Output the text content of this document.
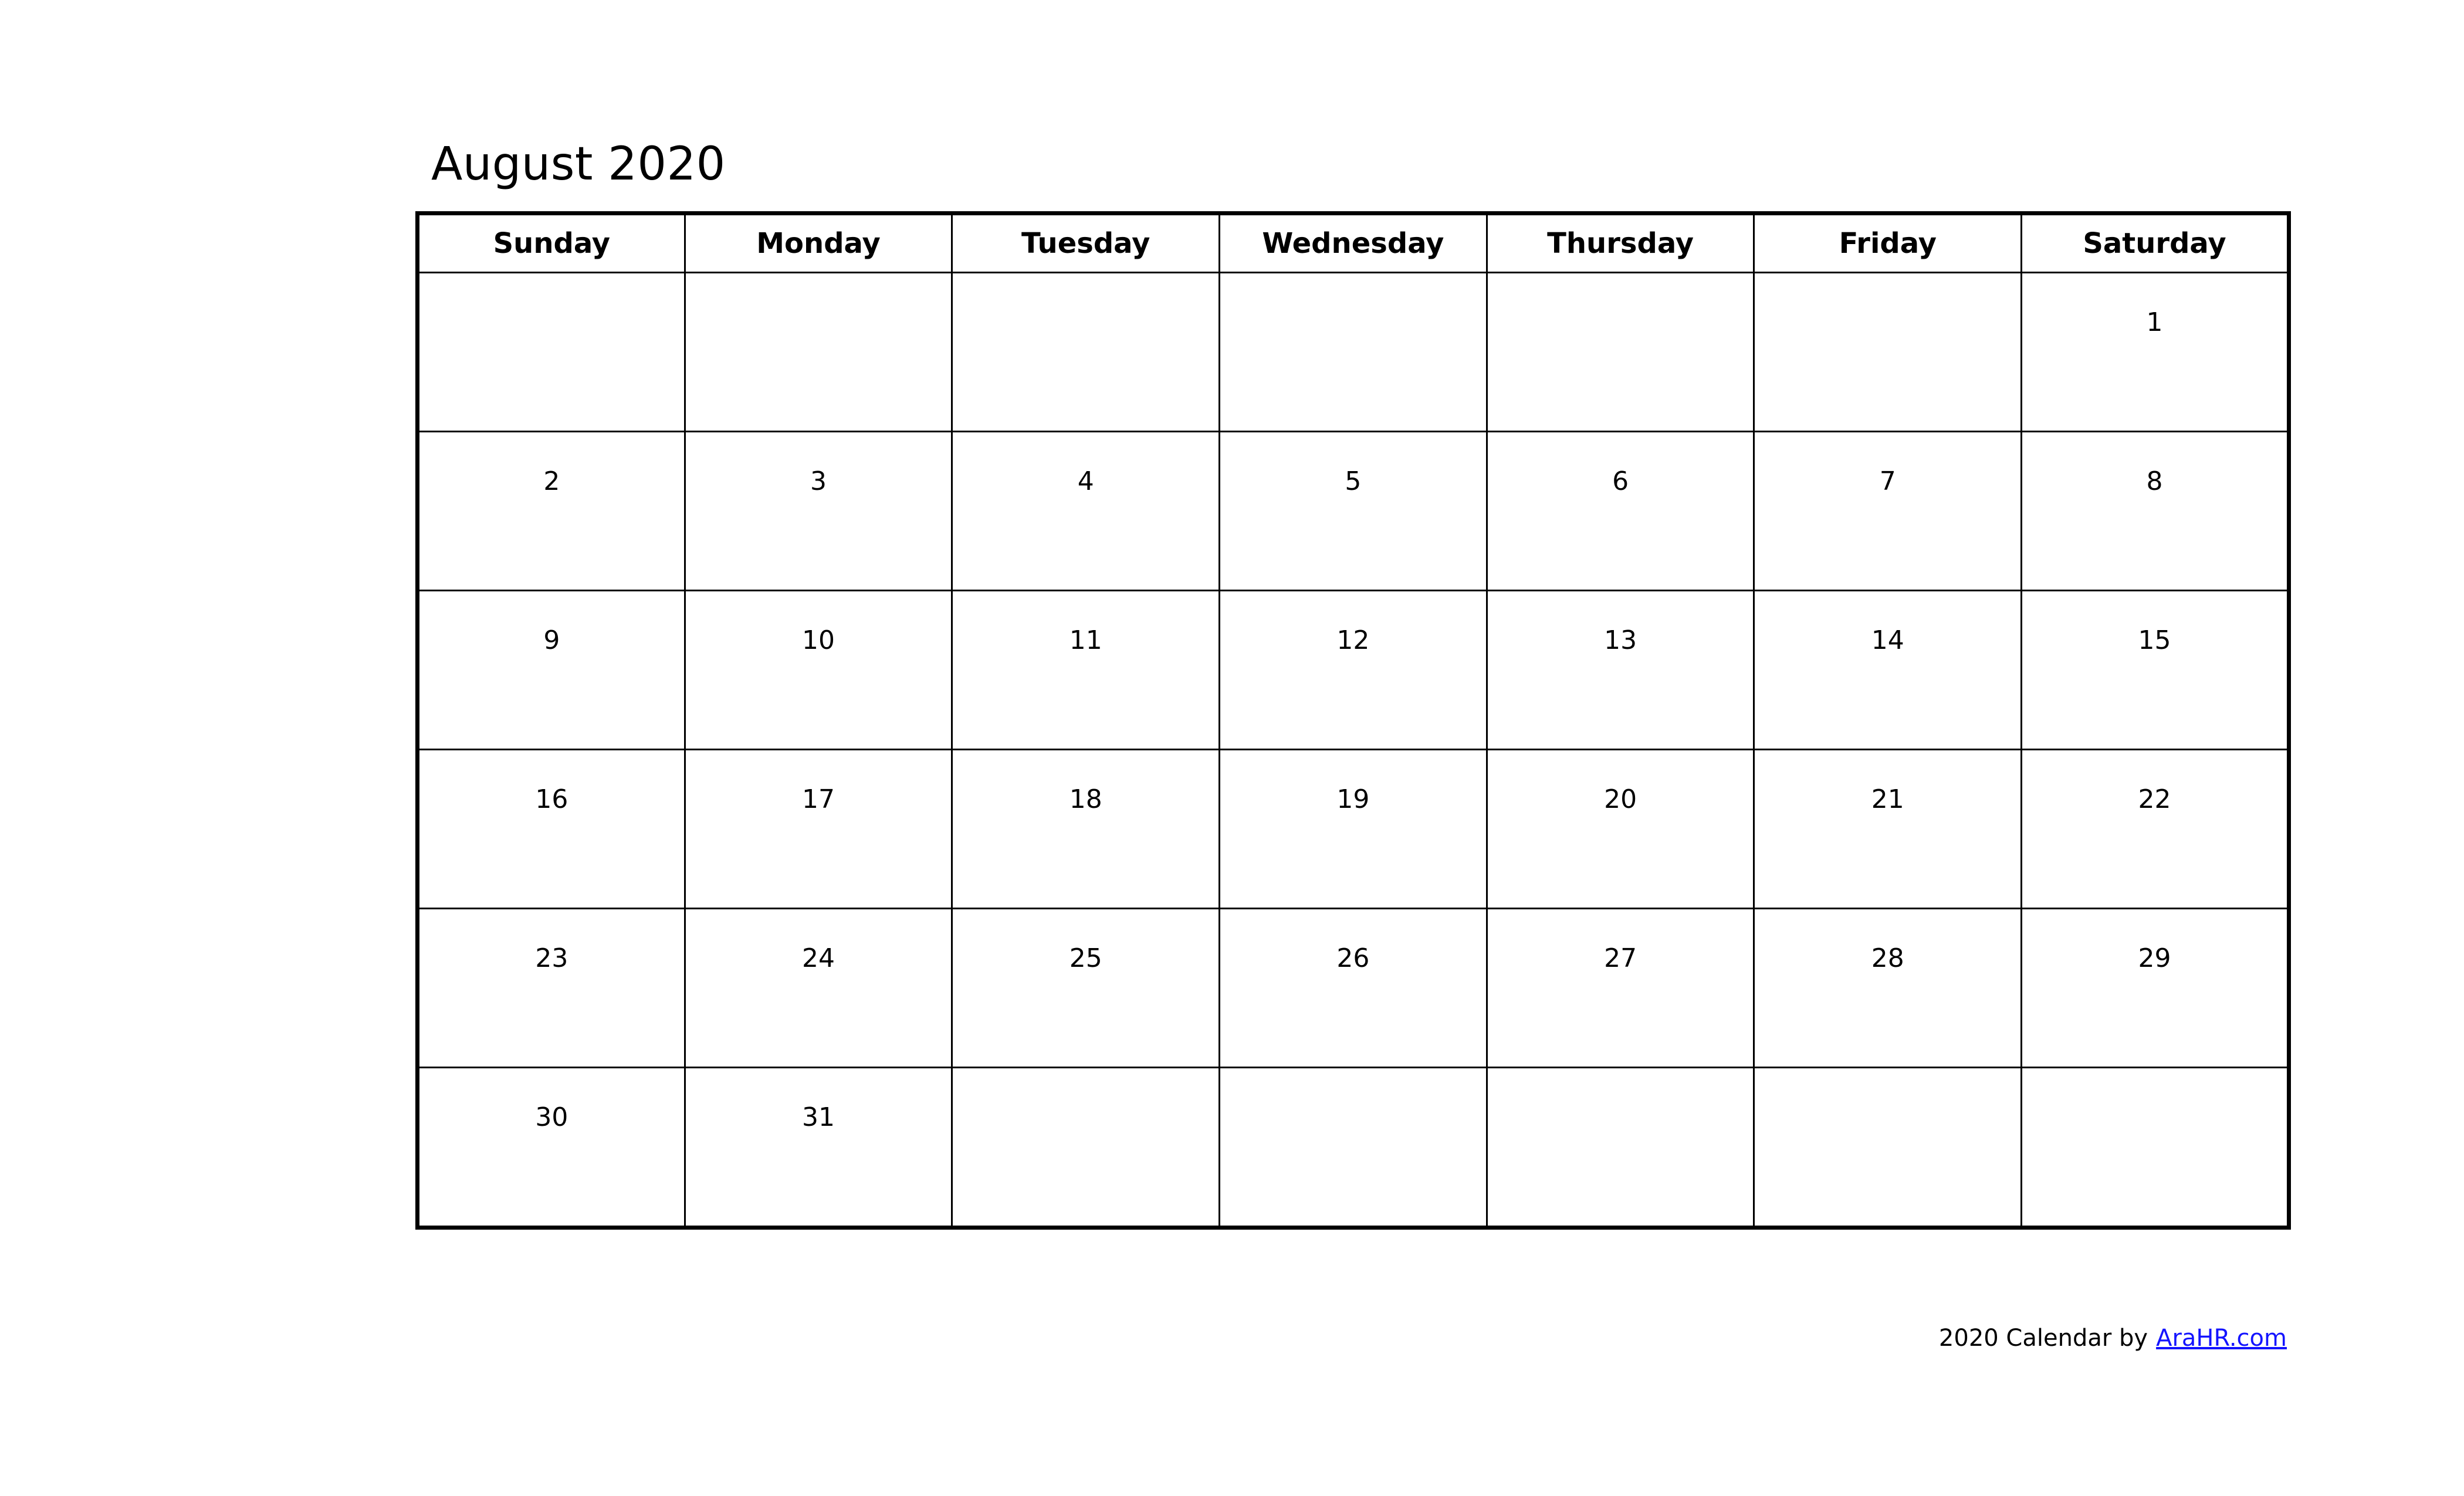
August 2020
Sunday	Monday	Tuesday	Wednesday	Thursday	Friday	Saturday

						1

2	3	4	5	6	7	8

9	10	11	12	13	14	15

16	17	18	19	20	21	22

23	24	25	26	27	28	29

30	31					

2020 Calendar by AraHR.com
